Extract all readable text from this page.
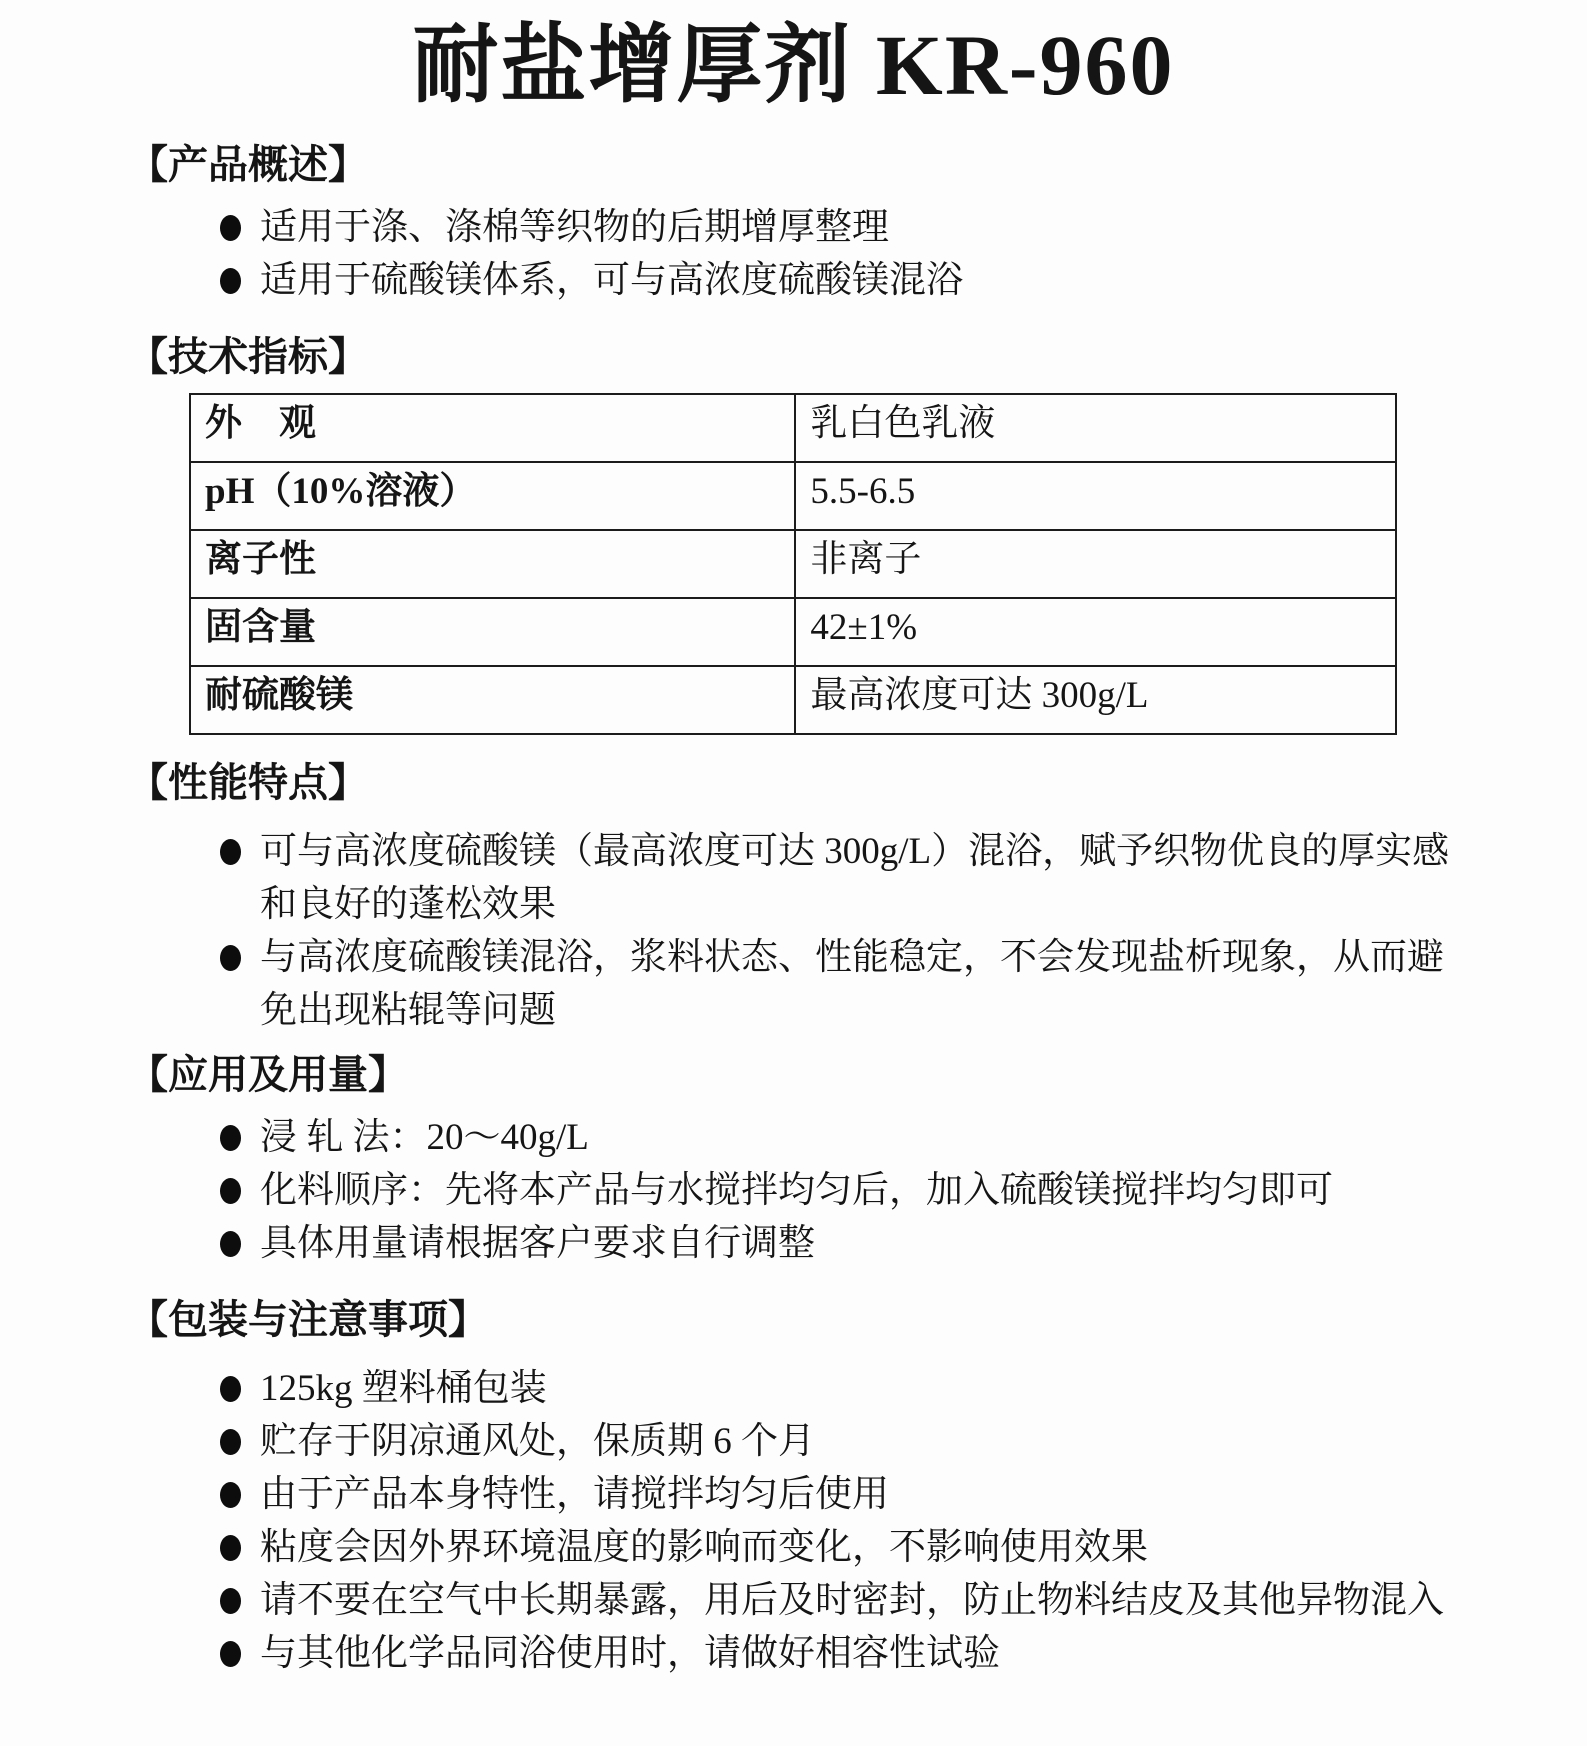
耐盐增厚剂 KR-960
【产品概述】
适用于涤、涤棉等织物的后期增厚整理
适用于硫酸镁体系，可与高浓度硫酸镁混浴
【技术指标】
外　观	乳白色乳液
pH（10%溶液）	5.5-6.5
离子性	非离子
固含量	42±1%
耐硫酸镁	最高浓度可达 300g/L
【性能特点】
可与高浓度硫酸镁（最高浓度可达 300g/L）混浴，赋予织物优良的厚实感和良好的蓬松效果
与高浓度硫酸镁混浴，浆料状态、性能稳定，不会发现盐析现象，从而避免出现粘辊等问题
【应用及用量】
浸 轧 法：20～40g/L
化料顺序：先将本产品与水搅拌均匀后，加入硫酸镁搅拌均匀即可
具体用量请根据客户要求自行调整
【包装与注意事项】
125kg 塑料桶包装
贮存于阴凉通风处，保质期 6 个月
由于产品本身特性，请搅拌均匀后使用
粘度会因外界环境温度的影响而变化，不影响使用效果
请不要在空气中长期暴露，用后及时密封，防止物料结皮及其他异物混入
与其他化学品同浴使用时，请做好相容性试验
